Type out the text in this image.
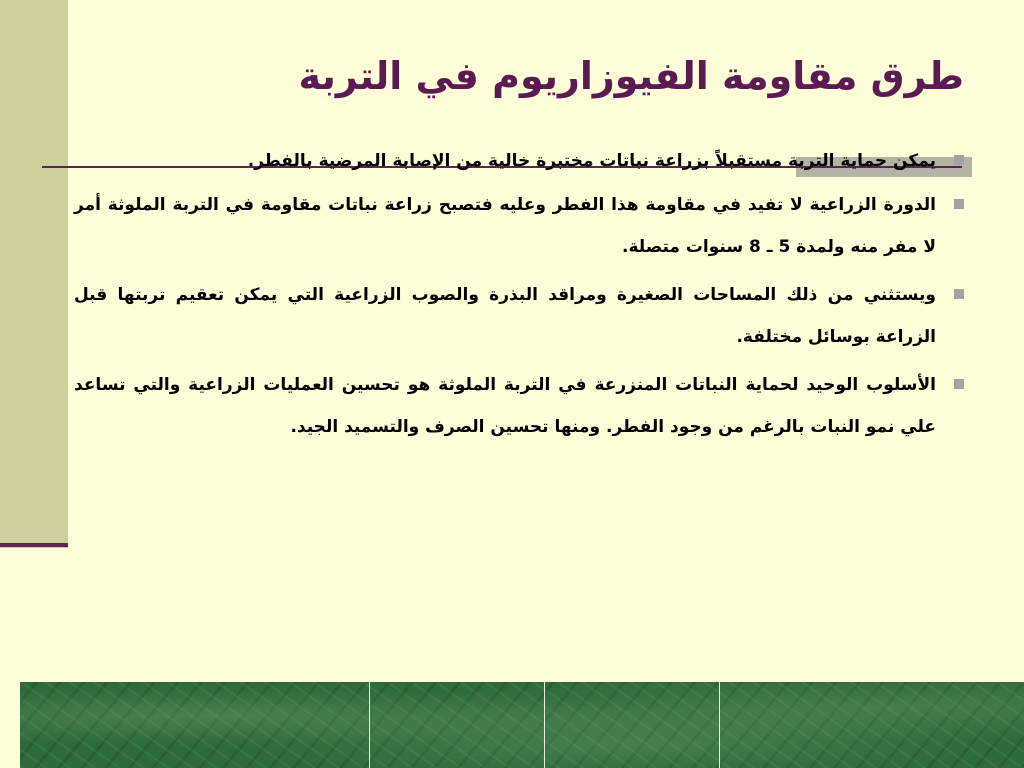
طرق مقاومة الفيوزاريوم في التربة
يمكن حماية التربة مستقبلاً بزراعة نباتات مختبرة خالية من الإصابة المرضية بالفطر.
الدورة الزراعية لا تفيد في مقاومة هذا الفطر وعليه فتصبح زراعة نباتات مقاومة في التربة الملوثة أمر لا مفر منه ولمدة 5 ـ 8 سنوات متصلة.
ويستثني من ذلك المساحات الصغيرة ومراقد البذرة والصوب الزراعية التي يمكن تعقيم تربتها قبل الزراعة بوسائل مختلفة.
الأسلوب الوحيد لحماية النباتات المنزرعة في التربة الملوثة هو تحسين العمليات الزراعية والتي تساعد علي نمو النبات بالرغم من وجود الفطر. ومنها تحسين الصرف والتسميد الجيد.
